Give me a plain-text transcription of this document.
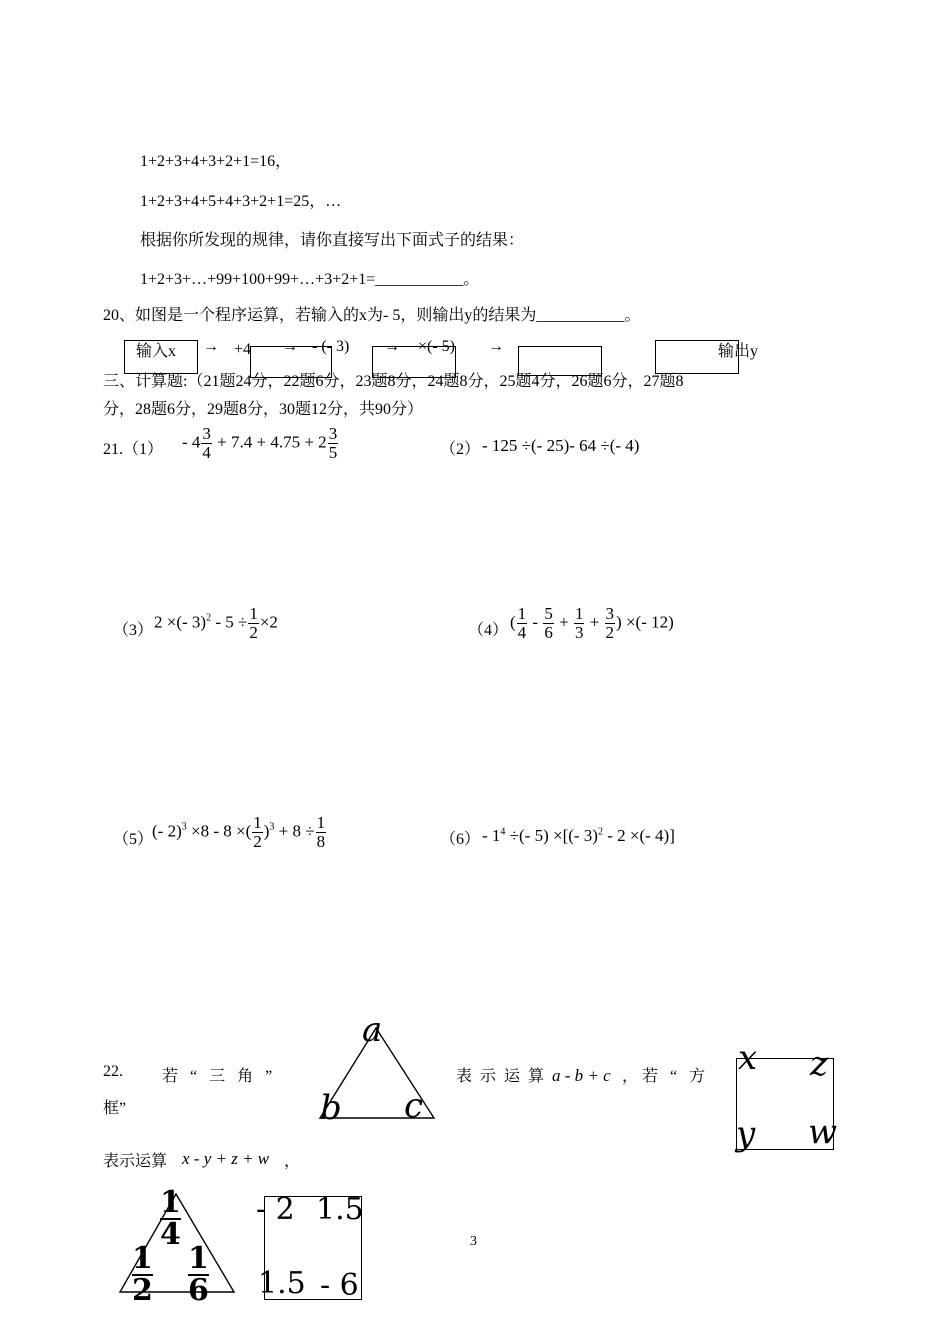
1+2+3+4+3+2+1=16，
1+2+3+4+5+4+3+2+1=25，…
根据你所发现的规律，请你直接写出下面式子的结果：
1+2+3+…+99+100+99+…+3+2+1=___________。
20、如图是一个程序运算，若输入的x为- 5，则输出y的结果为___________。
输入x → +4 → - (- 3) → ×(- 5) →	输出y
三、计算题:（21题24分，22题6分，23题8分，24题8分，25题4分，26题6分，27题8
分，28题6分，29题8分，30题12分，共90分）
$21.(1) - 4 \frac{3}{4} + 7.4 + 4.75 + 2 \frac{3}{5}$	（2） - 125 ÷(- 25)- 64 ÷(- 4)
（3） 2 ×(- $3)^2 - 5 \div \frac{1}{2} \times 2$	（4） ( $\frac{1}{4} - \frac{5}{6} + \frac{1}{3} + \frac{3}{2}$ ) ×(- 12)
（5）
(- 2)$^3$ ×8 - 8 ×( $\frac{1}{2} )^3 + 8 \div \frac{1}{8}$	$(6) - 1^4$ ÷(- 5) ×[(- 3)$^2$ - 2 ×(- 4)]
22. 若 “ 三 角 ”
框”
a
b c
表 示 运 算 a - b + c ，若 “ 方 x z
y w
表示运算 x - y + z + w ，
$\frac{1}{4}$
$\frac{1}{2} \frac{1}{6}$
- 2 1.5
1.5 - 6
3
